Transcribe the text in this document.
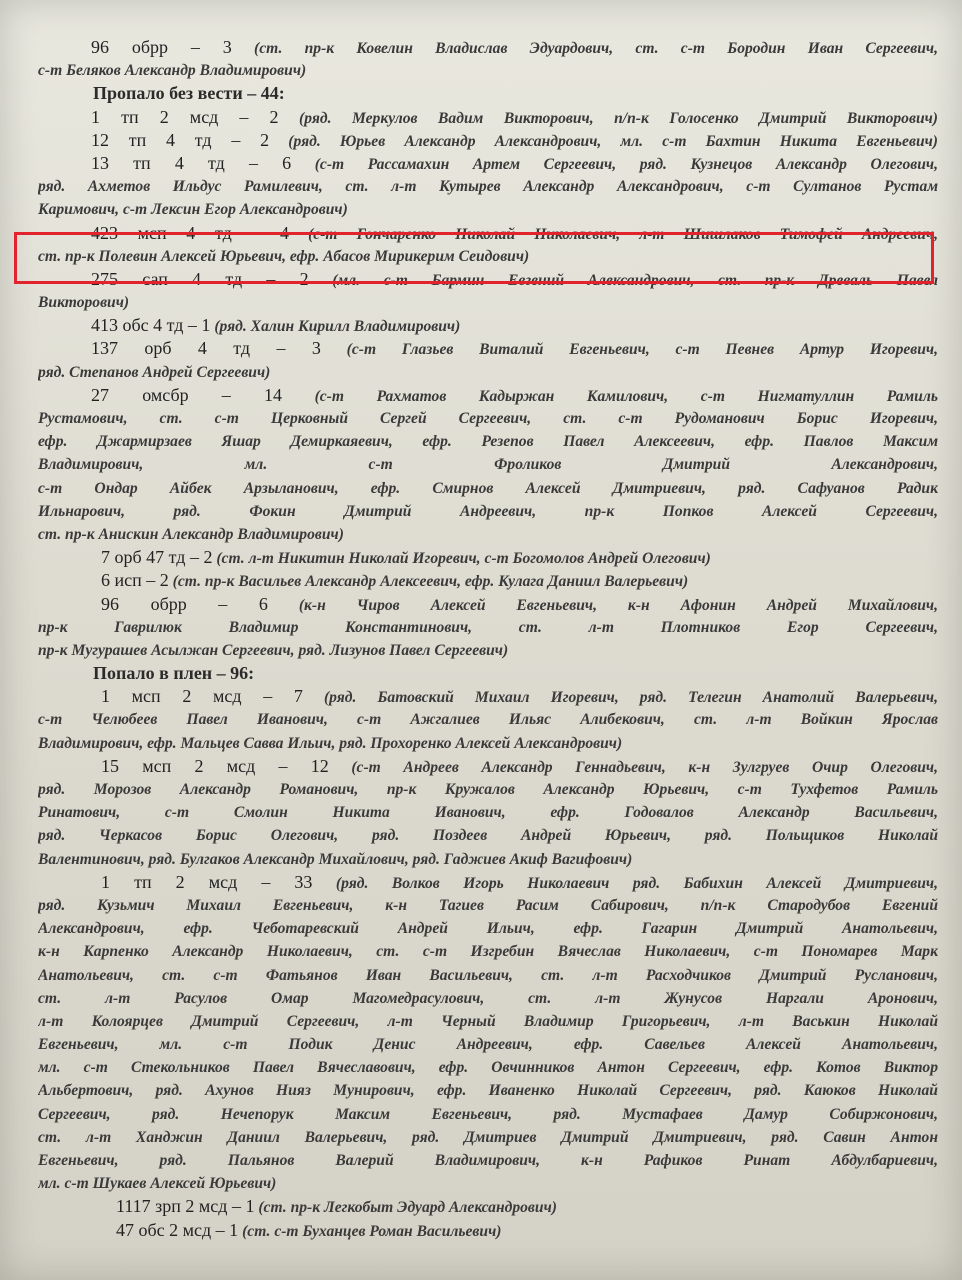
96 обрр – 3 (ст. пр-к Ковелин Владислав Эдуардович, ст. с-т Бородин Иван Сергеевич,
с-т Беляков Александр Владимирович)
Пропало без вести – 44:
1 тп 2 мсд – 2 (ряд. Меркулов Вадим Викторович, п/п-к Голосенко Дмитрий Викторович)
12 тп 4 тд – 2 (ряд. Юрьев Александр Александрович, мл. с-т Бахтин Никита Евгеньевич)
13 тп 4 тд – 6 (с-т Рассамахин Артем Сергеевич, ряд. Кузнецов Александр Олегович,
ряд. Ахметов Ильдус Рамилевич, ст. л-т Кутырев Александр Александрович, с-т Султанов Рустам
Каримович, с-т Лексин Егор Александрович)
423 мсп 4 тд – 4 (с-т Гончаренко Николай Николаевич, л-т Шишлаков Тимофей Андреевич,
ст. пр-к Полевин Алексей Юрьевич, ефр. Абасов Мирикерим Сеидович)
275 сап 4 тд – 2 (мл. с-т Бармин Евгений Александрович, ст. пр-к Древаль Павел
Викторович)
413 обс 4 тд – 1 (ряд. Халин Кирилл Владимирович)
137 орб 4 тд – 3 (с-т Глазьев Виталий Евгеньевич, с-т Певнев Артур Игоревич,
ряд. Степанов Андрей Сергеевич)
27 омсбр – 14 (с-т Рахматов Кадыржан Камилович, с-т Нигматуллин Рамиль
Рустамович, ст. с-т Церковный Сергей Сергеевич, ст. с-т Рудоманович Борис Игоревич,
ефр. Джармирзаев Яшар Демиркаяевич, ефр. Резепов Павел Алексеевич, ефр. Павлов Максим
Владимирович, мл. с-т Фроликов Дмитрий Александрович,
с-т Ондар Айбек Арзыланович, ефр. Смирнов Алексей Дмитриевич, ряд. Сафуанов Радик
Ильнарович, ряд. Фокин Дмитрий Андреевич, пр-к Попков Алексей Сергеевич,
ст. пр-к Анискин Александр Владимирович)
7 орб 47 тд – 2 (ст. л-т Никитин Николай Игоревич, с-т Богомолов Андрей Олегович)
6 исп – 2 (ст. пр-к Васильев Александр Алексеевич, ефр. Кулага Даниил Валерьевич)
96 обрр – 6 (к-н Чиров Алексей Евгеньевич, к-н Афонин Андрей Михайлович,
пр-к Гаврилюк Владимир Константинович, ст. л-т Плотников Егор Сергеевич,
пр-к Мугурашев Асылжан Сергеевич, ряд. Лизунов Павел Сергеевич)
Попало в плен – 96:
1 мсп 2 мсд – 7 (ряд. Батовский Михаил Игоревич, ряд. Телегин Анатолий Валерьевич,
с-т Челюбеев Павел Иванович, с-т Ажгалиев Ильяс Алибекович, ст. л-т Войкин Ярослав
Владимирович, ефр. Мальцев Савва Ильич, ряд. Прохоренко Алексей Александрович)
15 мсп 2 мсд – 12 (с-т Андреев Александр Геннадьевич, к-н Зулгруев Очир Олегович,
ряд. Морозов Александр Романович, пр-к Кружалов Александр Юрьевич, с-т Тухфетов Рамиль
Ринатович, с-т Смолин Никита Иванович, ефр. Годовалов Александр Васильевич,
ряд. Черкасов Борис Олегович, ряд. Поздеев Андрей Юрьевич, ряд. Польщиков Николай
Валентинович, ряд. Булгаков Александр Михайлович, ряд. Гаджиев Акиф Вагифович)
1 тп 2 мсд – 33 (ряд. Волков Игорь Николаевич ряд. Бабихин Алексей Дмитриевич,
ряд. Кузьмич Михаил Евгеньевич, к-н Тагиев Расим Сабирович, п/п-к Стародубов Евгений
Александрович, ефр. Чеботаревский Андрей Ильич, ефр. Гагарин Дмитрий Анатольевич,
к-н Карпенко Александр Николаевич, ст. с-т Изгребин Вячеслав Николаевич, с-т Пономарев Марк
Анатольевич, ст. с-т Фатьянов Иван Васильевич, ст. л-т Расходчиков Дмитрий Русланович,
ст. л-т Расулов Омар Магомедрасулович, ст. л-т Жунусов Наргали Аронович,
л-т Колоярцев Дмитрий Сергеевич, л-т Черный Владимир Григорьевич, л-т Васькин Николай
Евгеньевич, мл. с-т Подик Денис Андреевич, ефр. Савельев Алексей Анатольевич,
мл. с-т Стекольников Павел Вячеславович, ефр. Овчинников Антон Сергеевич, ефр. Котов Виктор
Альбертович, ряд. Ахунов Нияз Мунирович, ефр. Иваненко Николай Сергеевич, ряд. Каюков Николай
Сергеевич, ряд. Нечепорук Максим Евгеньевич, ряд. Мустафаев Дамур Собиржонович,
ст. л-т Ханджин Даниил Валерьевич, ряд. Дмитриев Дмитрий Дмитриевич, ряд. Савин Антон
Евгеньевич, ряд. Пальянов Валерий Владимирович, к-н Рафиков Ринат Абдулбариевич,
мл. с-т Шукаев Алексей Юрьевич)
1117 зрп 2 мсд – 1 (ст. пр-к Легкобыт Эдуард Александрович)
47 обс 2 мсд – 1 (ст. с-т Буханцев Роман Васильевич)
